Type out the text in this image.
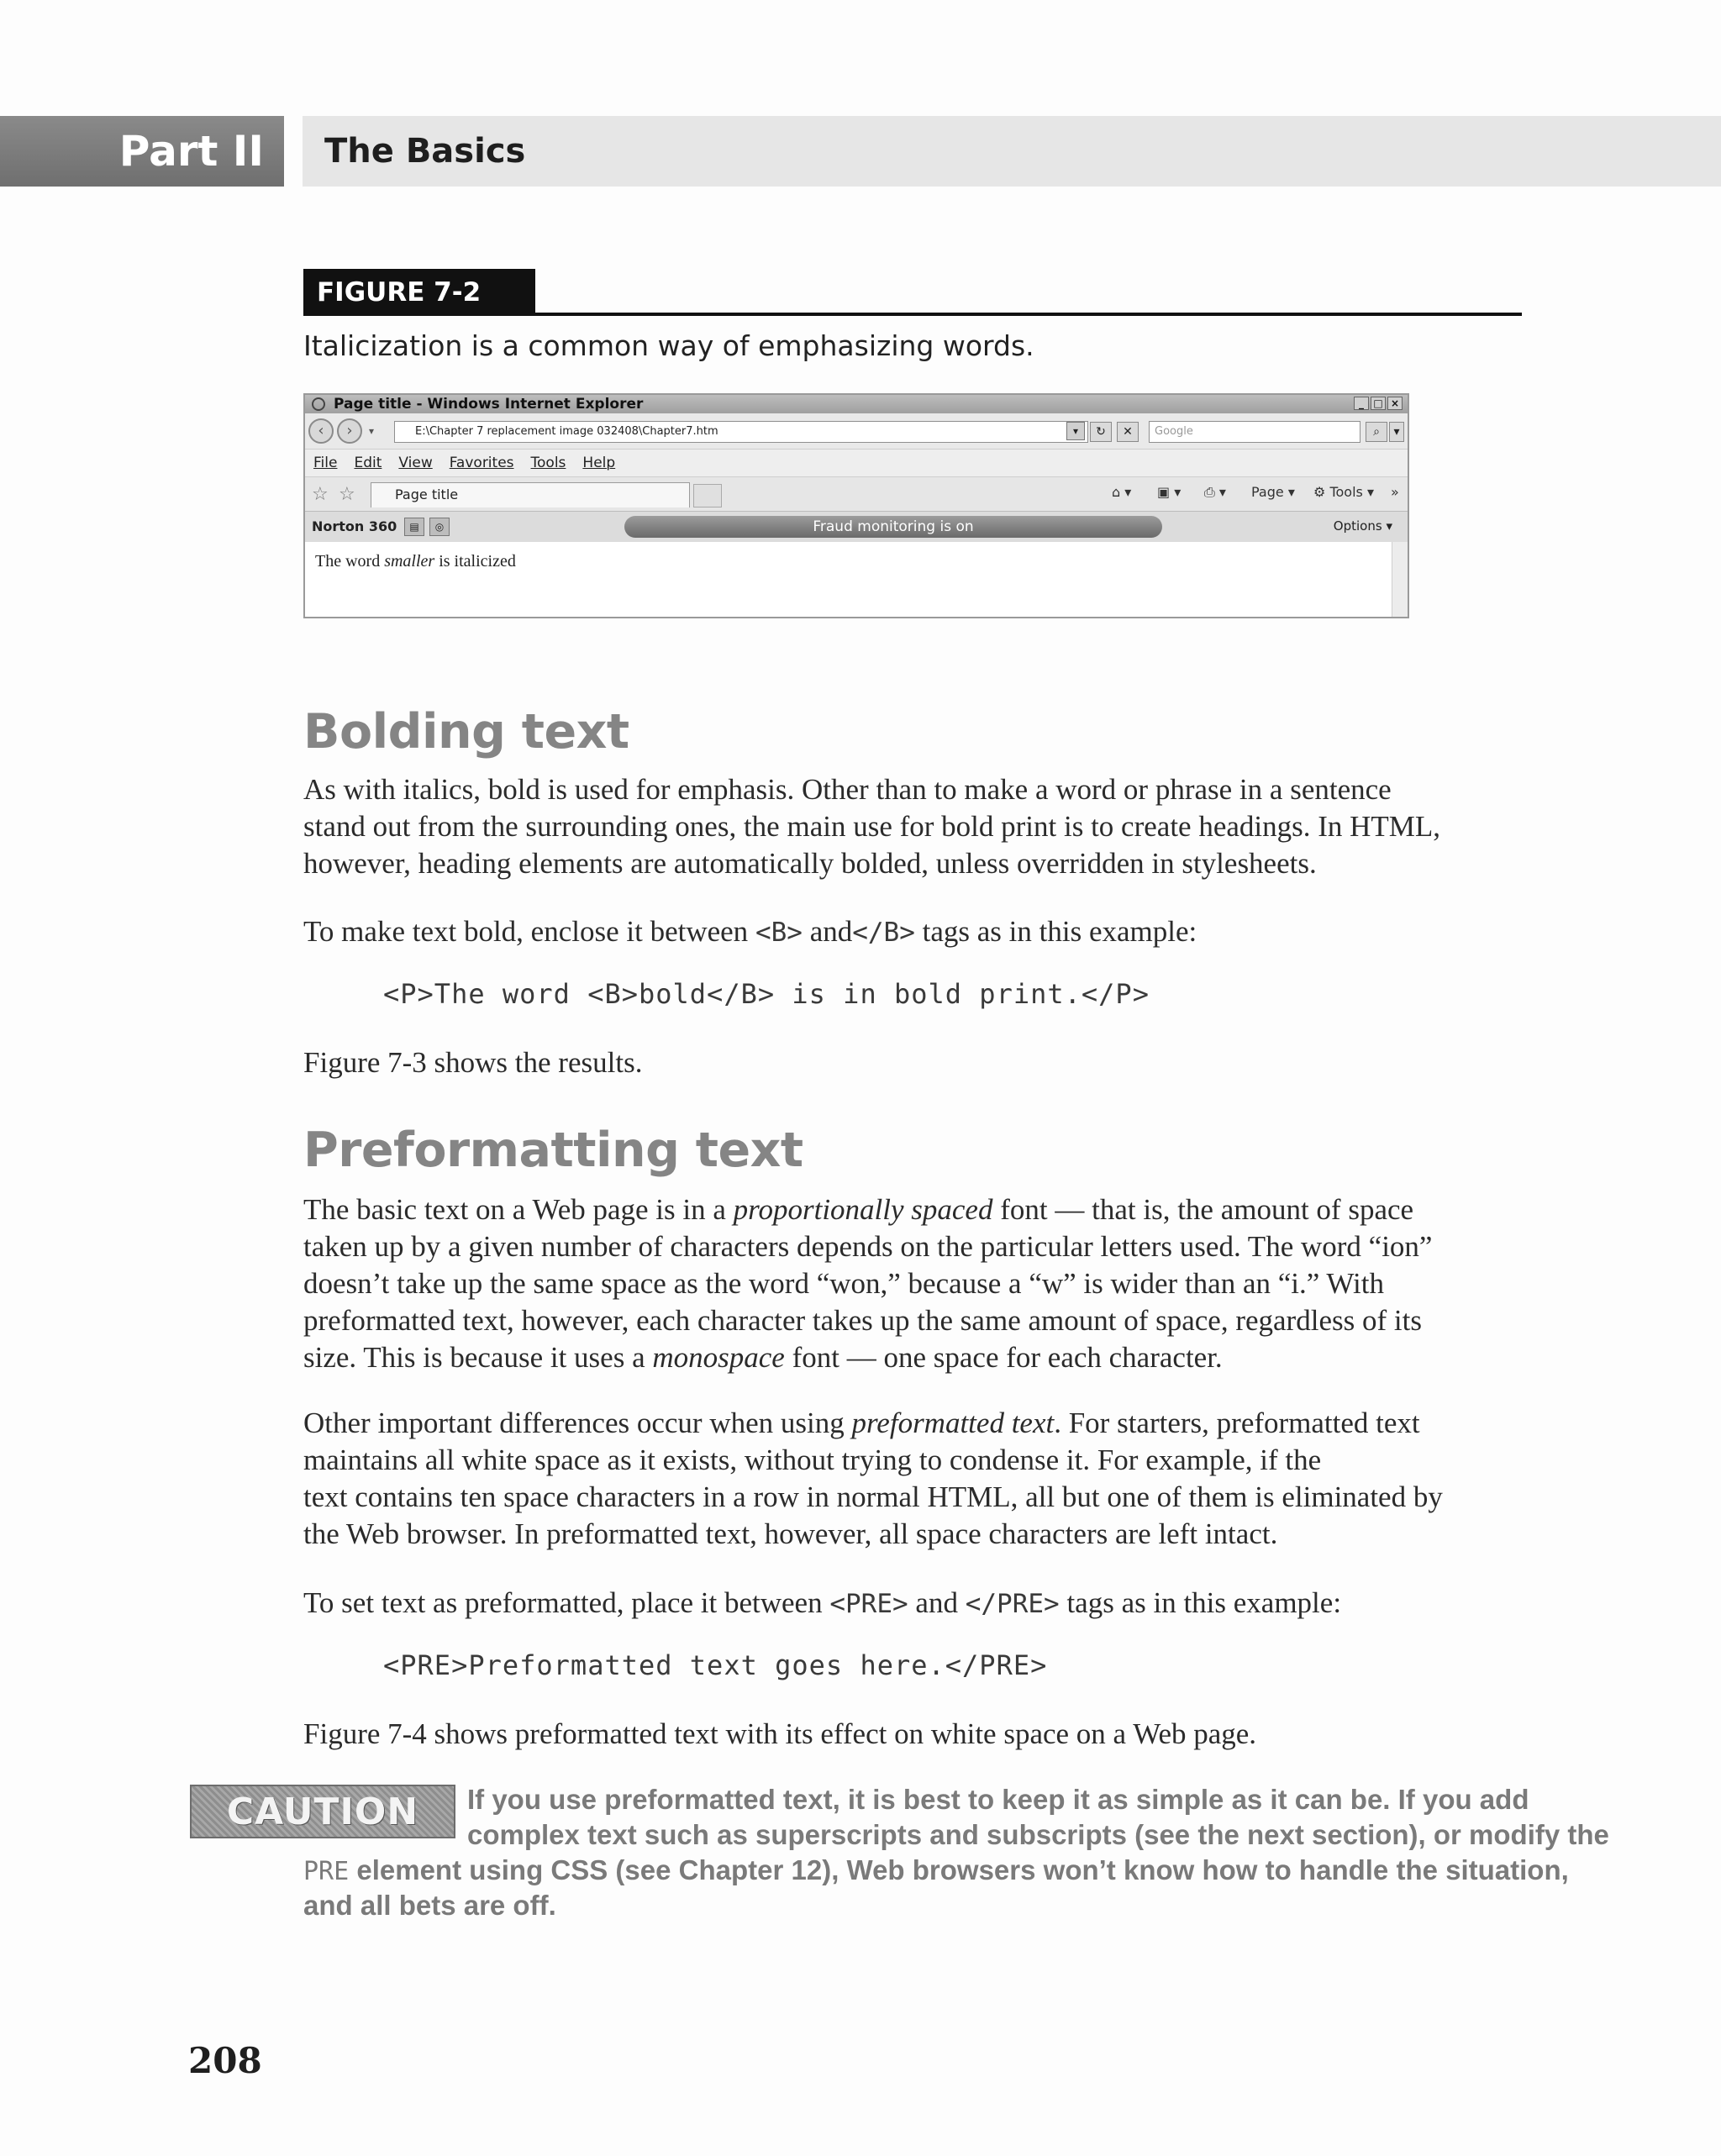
Part II	The Basics
FIGURE 7-2
Italicization is a common way of emphasizing words.
Page title - Windows Internet Explorer	_ □ ×
‹	›	▾	E:\Chapter 7 replacement image 032408\Chapter7.htm	▾	↻	✕	Google	⌕	▾
File Edit View Favorites Tools Help
☆ ☆	Page title	⌂ ▾ ▣ ▾ ⎙ ▾ Page ▾ ⚙ Tools ▾ »
Norton 360	▤	◎	Fraud monitoring is on	Options ▾
The word smaller is italicized
Bolding text
As with italics, bold is used for emphasis. Other than to make a word or phrase in a sentence
stand out from the surrounding ones, the main use for bold print is to create headings. In HTML,
however, heading elements are automatically bolded, unless overridden in stylesheets.
To make text bold, enclose it between <B> and</B> tags as in this example:
<P>The word <B>bold</B> is in bold print.</P>
Figure 7-3 shows the results.
Preformatting text
The basic text on a Web page is in a proportionally spaced font — that is, the amount of space
taken up by a given number of characters depends on the particular letters used. The word “ion”
doesn’t take up the same space as the word “won,” because a “w” is wider than an “i.” With
preformatted text, however, each character takes up the same amount of space, regardless of its
size. This is because it uses a monospace font — one space for each character.
Other important differences occur when using preformatted text. For starters, preformatted text
maintains all white space as it exists, without trying to condense it. For example, if the
text contains ten space characters in a row in normal HTML, all but one of them is eliminated by
the Web browser. In preformatted text, however, all space characters are left intact.
To set text as preformatted, place it between <PRE> and </PRE> tags as in this example:
<PRE>Preformatted text goes here.</PRE>
Figure 7-4 shows preformatted text with its effect on white space on a Web page.
CAUTION	If you use preformatted text, it is best to keep it as simple as it can be. If you add
complex text such as superscripts and subscripts (see the next section), or modify the
PRE element using CSS (see Chapter 12), Web browsers won’t know how to handle the situation,
and all bets are off.
208
